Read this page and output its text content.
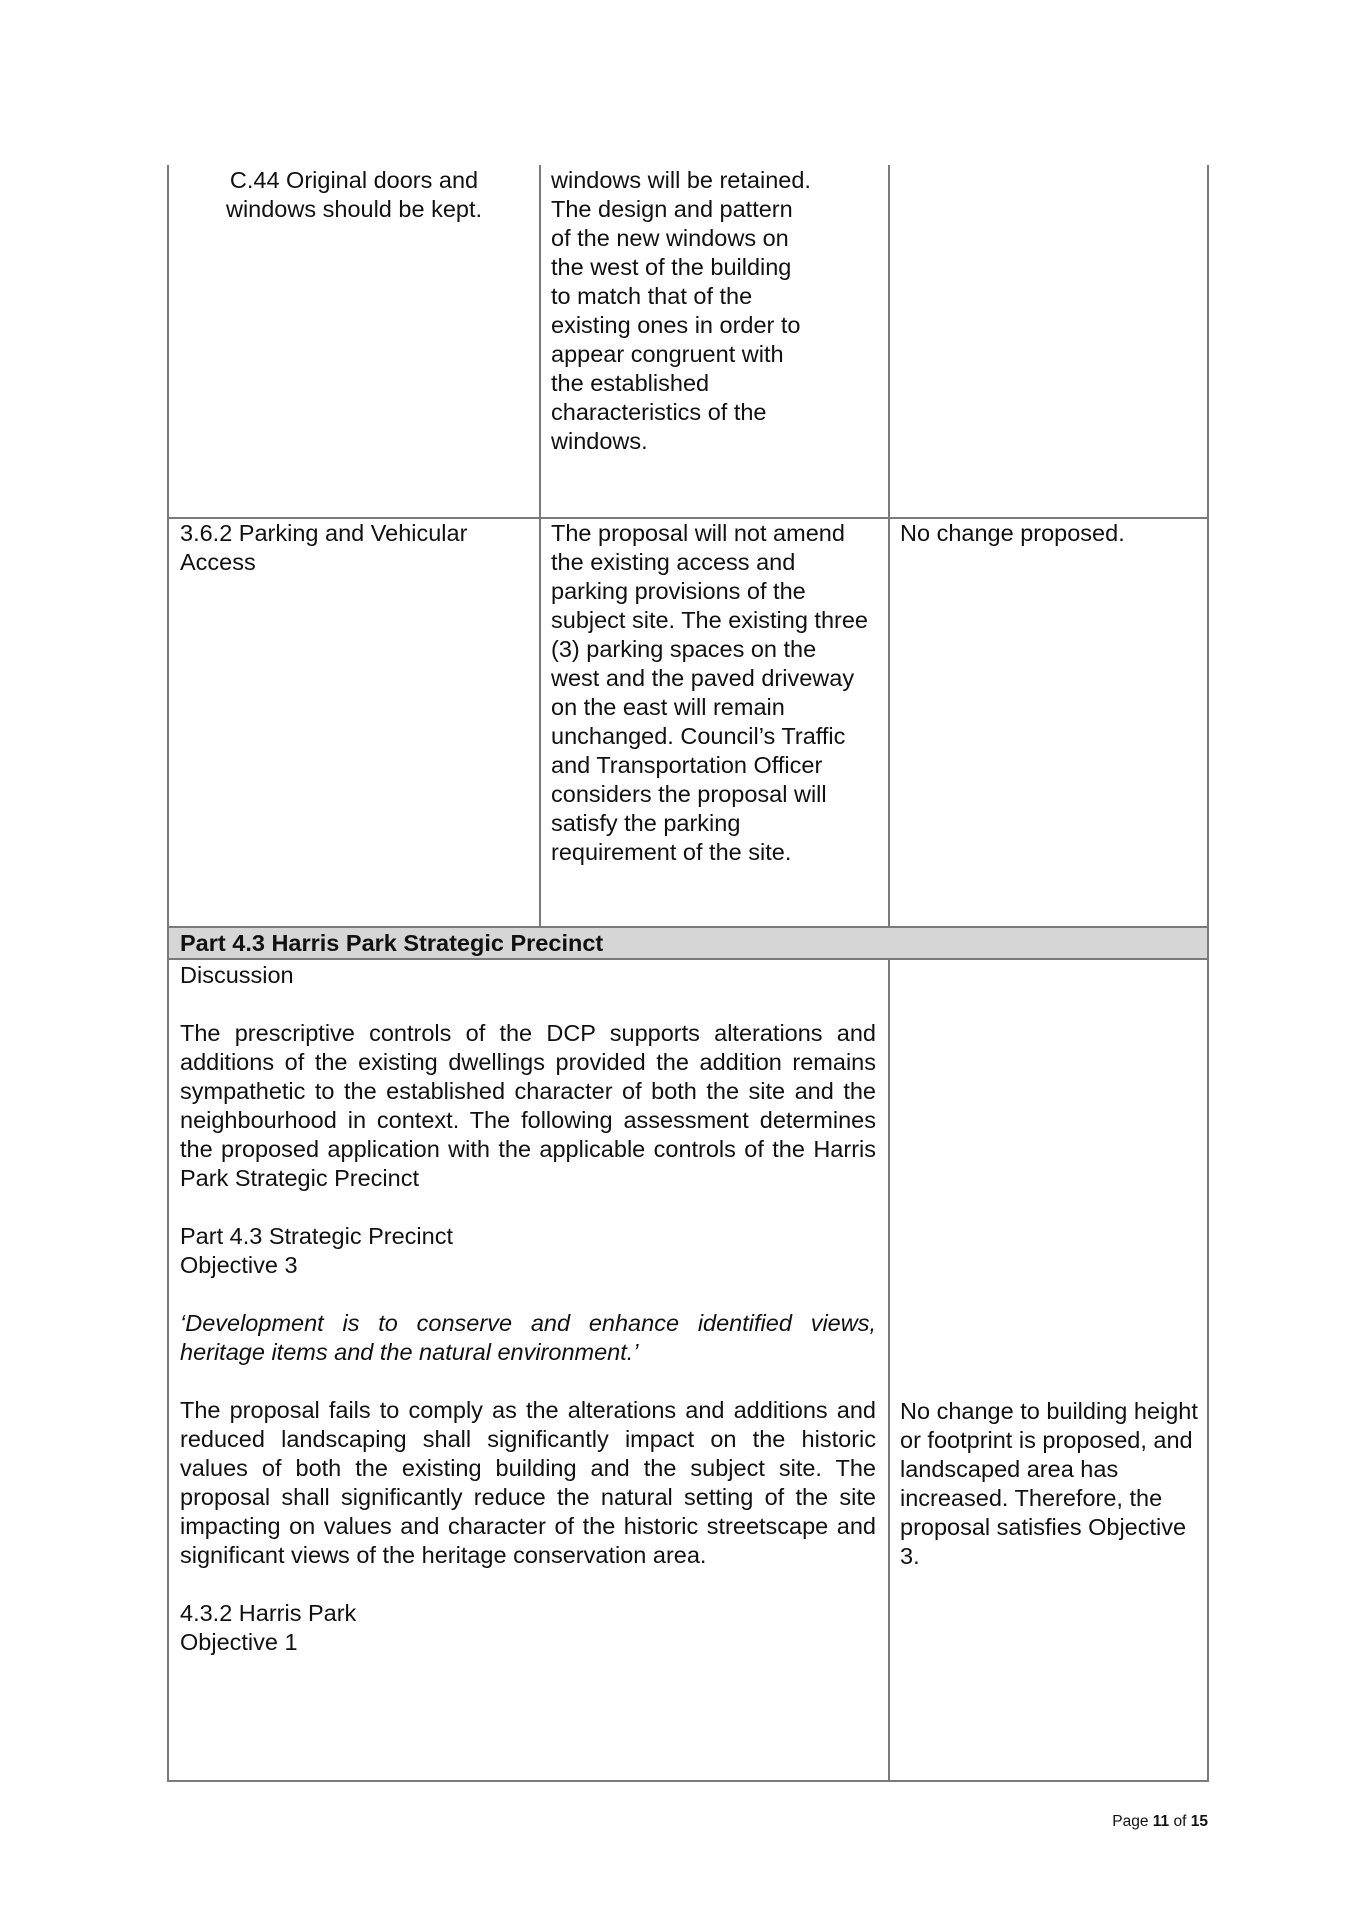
Part 4.3 Harris Park Strategic Precinct
C.44 Original doors and windows should be kept.
windows will be retained. The design and pattern of the new windows on the west of the building to match that of the existing ones in order to appear congruent with the established characteristics of the windows.
3.6.2 Parking and Vehicular Access
The proposal will not amend the existing access and parking provisions of the subject site. The existing three (3) parking spaces on the west and the paved driveway on the east will remain unchanged. Council’s Traffic and Transportation Officer considers the proposal will satisfy the parking requirement of the site.
No change proposed.

Discussion

The prescriptive controls of the DCP supports alterations and additions of the existing dwellings provided the addition remains sympathetic to the established character of both the site and the neighbourhood in context. The following assessment determines the proposed application with the applicable controls of the Harris Park Strategic Precinct

Part 4.3 Strategic Precinct

Objective 3

‘Development is to conserve and enhance identified views, heritage items and the natural environment.’

The proposal fails to comply as the alterations and additions and reduced landscaping shall significantly impact on the historic values of both the existing building and the subject site. The proposal shall significantly reduce the natural setting of the site impacting on values and character of the historic streetscape and significant views of the heritage conservation area.

4.3.2 Harris Park

Objective 1

No change to building height or footprint is proposed, and landscaped area has increased. Therefore, the proposal satisfies Objective 3.
Page 11 of 15
